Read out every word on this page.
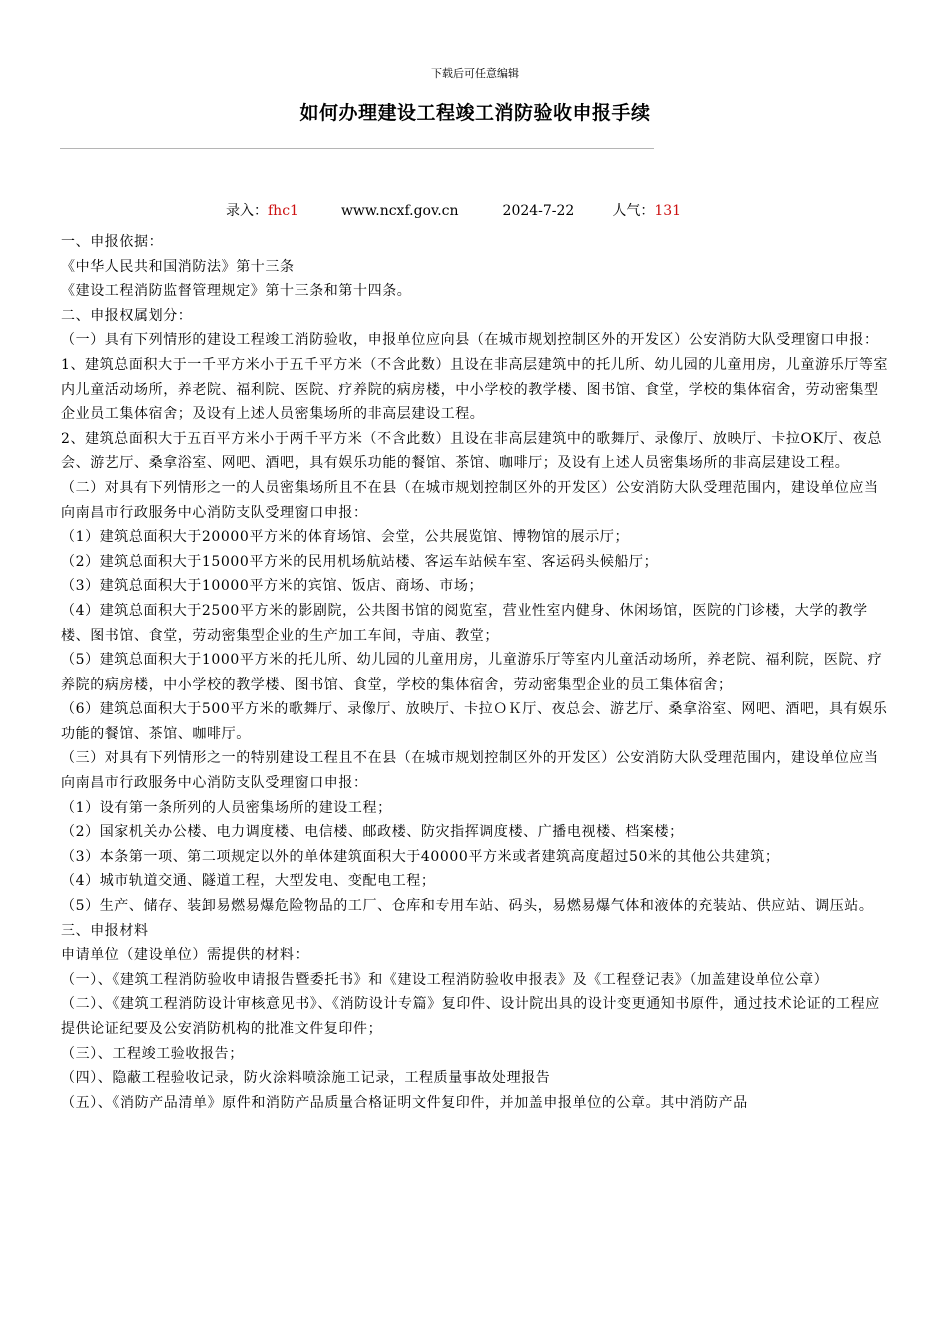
下载后可任意编辑
如何办理建设工程竣工消防验收申报手续
录入：fhc1	www.ncxf.gov.cn	2024-7-22	人气：131

一、申报依据：

《中华人民共和国消防法》第十三条

《建设工程消防监督管理规定》第十三条和第十四条。

二、申报权属划分：

（一）具有下列情形的建设工程竣工消防验收，申报单位应向县（在城市规划控制区外的开发区）公安消防大队受理窗口申报：

1、建筑总面积大于一千平方米小于五千平方米（不含此数）且设在非高层建筑中的托儿所、幼儿园的儿童用房，儿童游乐厅等室内儿童活动场所，养老院、福利院、医院、疗养院的病房楼，中小学校的教学楼、图书馆、食堂，学校的集体宿舍，劳动密集型企业员工集体宿舍；及设有上述人员密集场所的非高层建设工程。

2、建筑总面积大于五百平方米小于两千平方米（不含此数）且设在非高层建筑中的歌舞厅、录像厅、放映厅、卡拉OK厅、夜总会、游艺厅、桑拿浴室、网吧、酒吧，具有娱乐功能的餐馆、茶馆、咖啡厅；及设有上述人员密集场所的非高层建设工程。

（二）对具有下列情形之一的人员密集场所且不在县（在城市规划控制区外的开发区）公安消防大队受理范围内，建设单位应当向南昌市行政服务中心消防支队受理窗口申报：

（1）建筑总面积大于20000平方米的体育场馆、会堂，公共展览馆、博物馆的展示厅；

（2）建筑总面积大于15000平方米的民用机场航站楼、客运车站候车室、客运码头候船厅；

（3）建筑总面积大于10000平方米的宾馆、饭店、商场、市场；

（4）建筑总面积大于2500平方米的影剧院，公共图书馆的阅览室，营业性室内健身、休闲场馆，医院的门诊楼，大学的教学楼、图书馆、食堂，劳动密集型企业的生产加工车间，寺庙、教堂；

（5）建筑总面积大于1000平方米的托儿所、幼儿园的儿童用房，儿童游乐厅等室内儿童活动场所，养老院、福利院，医院、疗养院的病房楼，中小学校的教学楼、图书馆、食堂，学校的集体宿舍，劳动密集型企业的员工集体宿舍；

（6）建筑总面积大于500平方米的歌舞厅、录像厅、放映厅、卡拉ＯＫ厅、夜总会、游艺厅、桑拿浴室、网吧、酒吧，具有娱乐功能的餐馆、茶馆、咖啡厅。

（三）对具有下列情形之一的特别建设工程且不在县（在城市规划控制区外的开发区）公安消防大队受理范围内，建设单位应当向南昌市行政服务中心消防支队受理窗口申报：

（1）设有第一条所列的人员密集场所的建设工程；

（2）国家机关办公楼、电力调度楼、电信楼、邮政楼、防灾指挥调度楼、广播电视楼、档案楼；

（3）本条第一项、第二项规定以外的单体建筑面积大于40000平方米或者建筑高度超过50米的其他公共建筑；

（4）城市轨道交通、隧道工程，大型发电、变配电工程；

（5）生产、储存、装卸易燃易爆危险物品的工厂、仓库和专用车站、码头，易燃易爆气体和液体的充装站、供应站、调压站。

三、申报材料

申请单位（建设单位）需提供的材料：

（一）、《建筑工程消防验收申请报告暨委托书》和《建设工程消防验收申报表》及《工程登记表》（加盖建设单位公章）

（二）、《建筑工程消防设计审核意见书》、《消防设计专篇》复印件、设计院出具的设计变更通知书原件，通过技术论证的工程应提供论证纪要及公安消防机构的批准文件复印件；

（三）、工程竣工验收报告；

（四）、隐蔽工程验收记录，防火涂料喷涂施工记录，工程质量事故处理报告

（五）、《消防产品清单》原件和消防产品质量合格证明文件复印件，并加盖申报单位的公章。其中消防产品
